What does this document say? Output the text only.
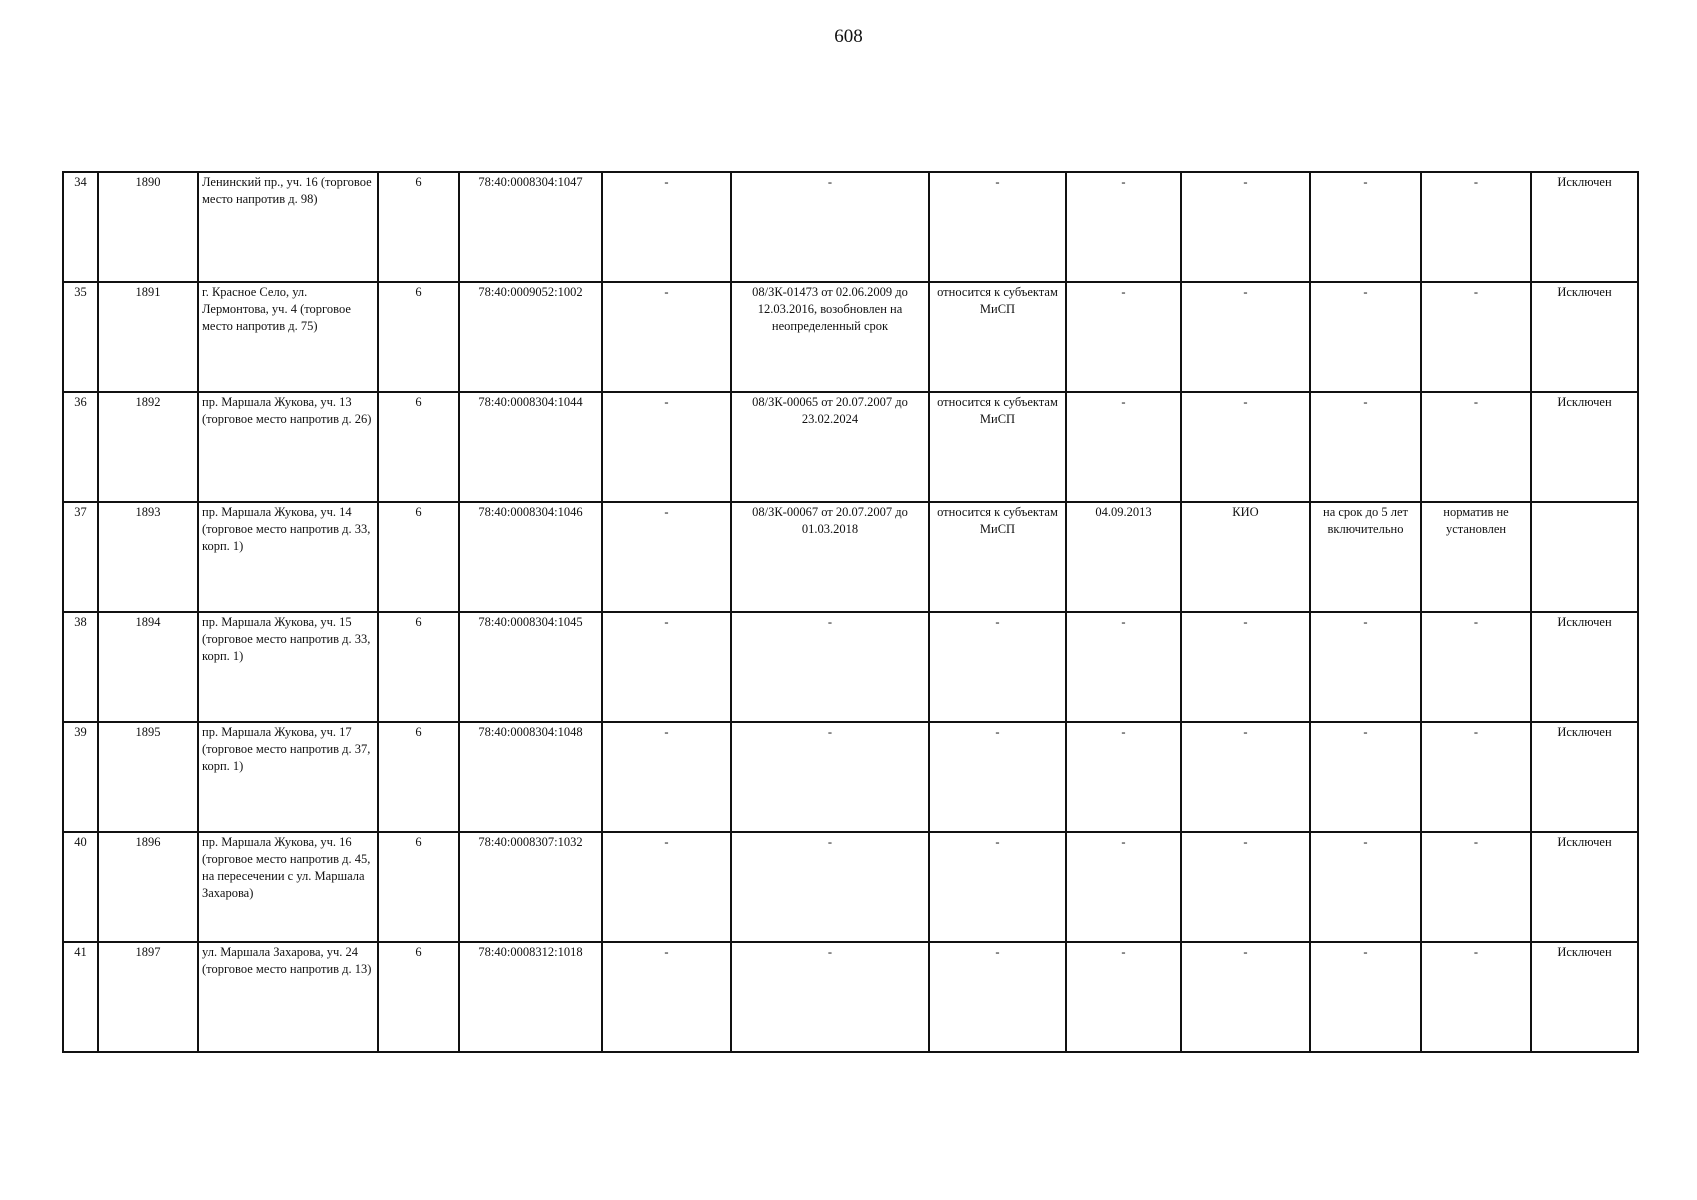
608
34	1890	Ленинский пр., уч. 16 (торговое место напротив д. 98)	6	78:40:0008304:1047	-	-	-	-	-	-	-	Исключен
35	1891	г. Красное Село, ул. Лермонтова, уч. 4 (торговое место напротив д. 75)	6	78:40:0009052:1002	-	08/ЗК-01473 от 02.06.2009 до 12.03.2016, возобновлен на неопределенный срок	относится к субъектам МиСП	-	-	-	-	Исключен
36	1892	пр. Маршала Жукова, уч. 13 (торговое место напротив д. 26)	6	78:40:0008304:1044	-	08/ЗК-00065 от 20.07.2007 до 23.02.2024	относится к субъектам МиСП	-	-	-	-	Исключен
37	1893	пр. Маршала Жукова, уч. 14 (торговое место напротив д. 33, корп. 1)	6	78:40:0008304:1046	-	08/ЗК-00067 от 20.07.2007 до 01.03.2018	относится к субъектам МиСП	04.09.2013	КИО	на срок до 5 лет включительно	норматив не установлен	
38	1894	пр. Маршала Жукова, уч. 15 (торговое место напротив д. 33, корп. 1)	6	78:40:0008304:1045	-	-	-	-	-	-	-	Исключен
39	1895	пр. Маршала Жукова, уч. 17 (торговое место напротив д. 37, корп. 1)	6	78:40:0008304:1048	-	-	-	-	-	-	-	Исключен
40	1896	пр. Маршала Жукова, уч. 16 (торговое место напротив д. 45, на пересечении с ул. Маршала Захарова)	6	78:40:0008307:1032	-	-	-	-	-	-	-	Исключен
41	1897	ул. Маршала Захарова, уч. 24 (торговое место напротив д. 13)	6	78:40:0008312:1018	-	-	-	-	-	-	-	Исключен
